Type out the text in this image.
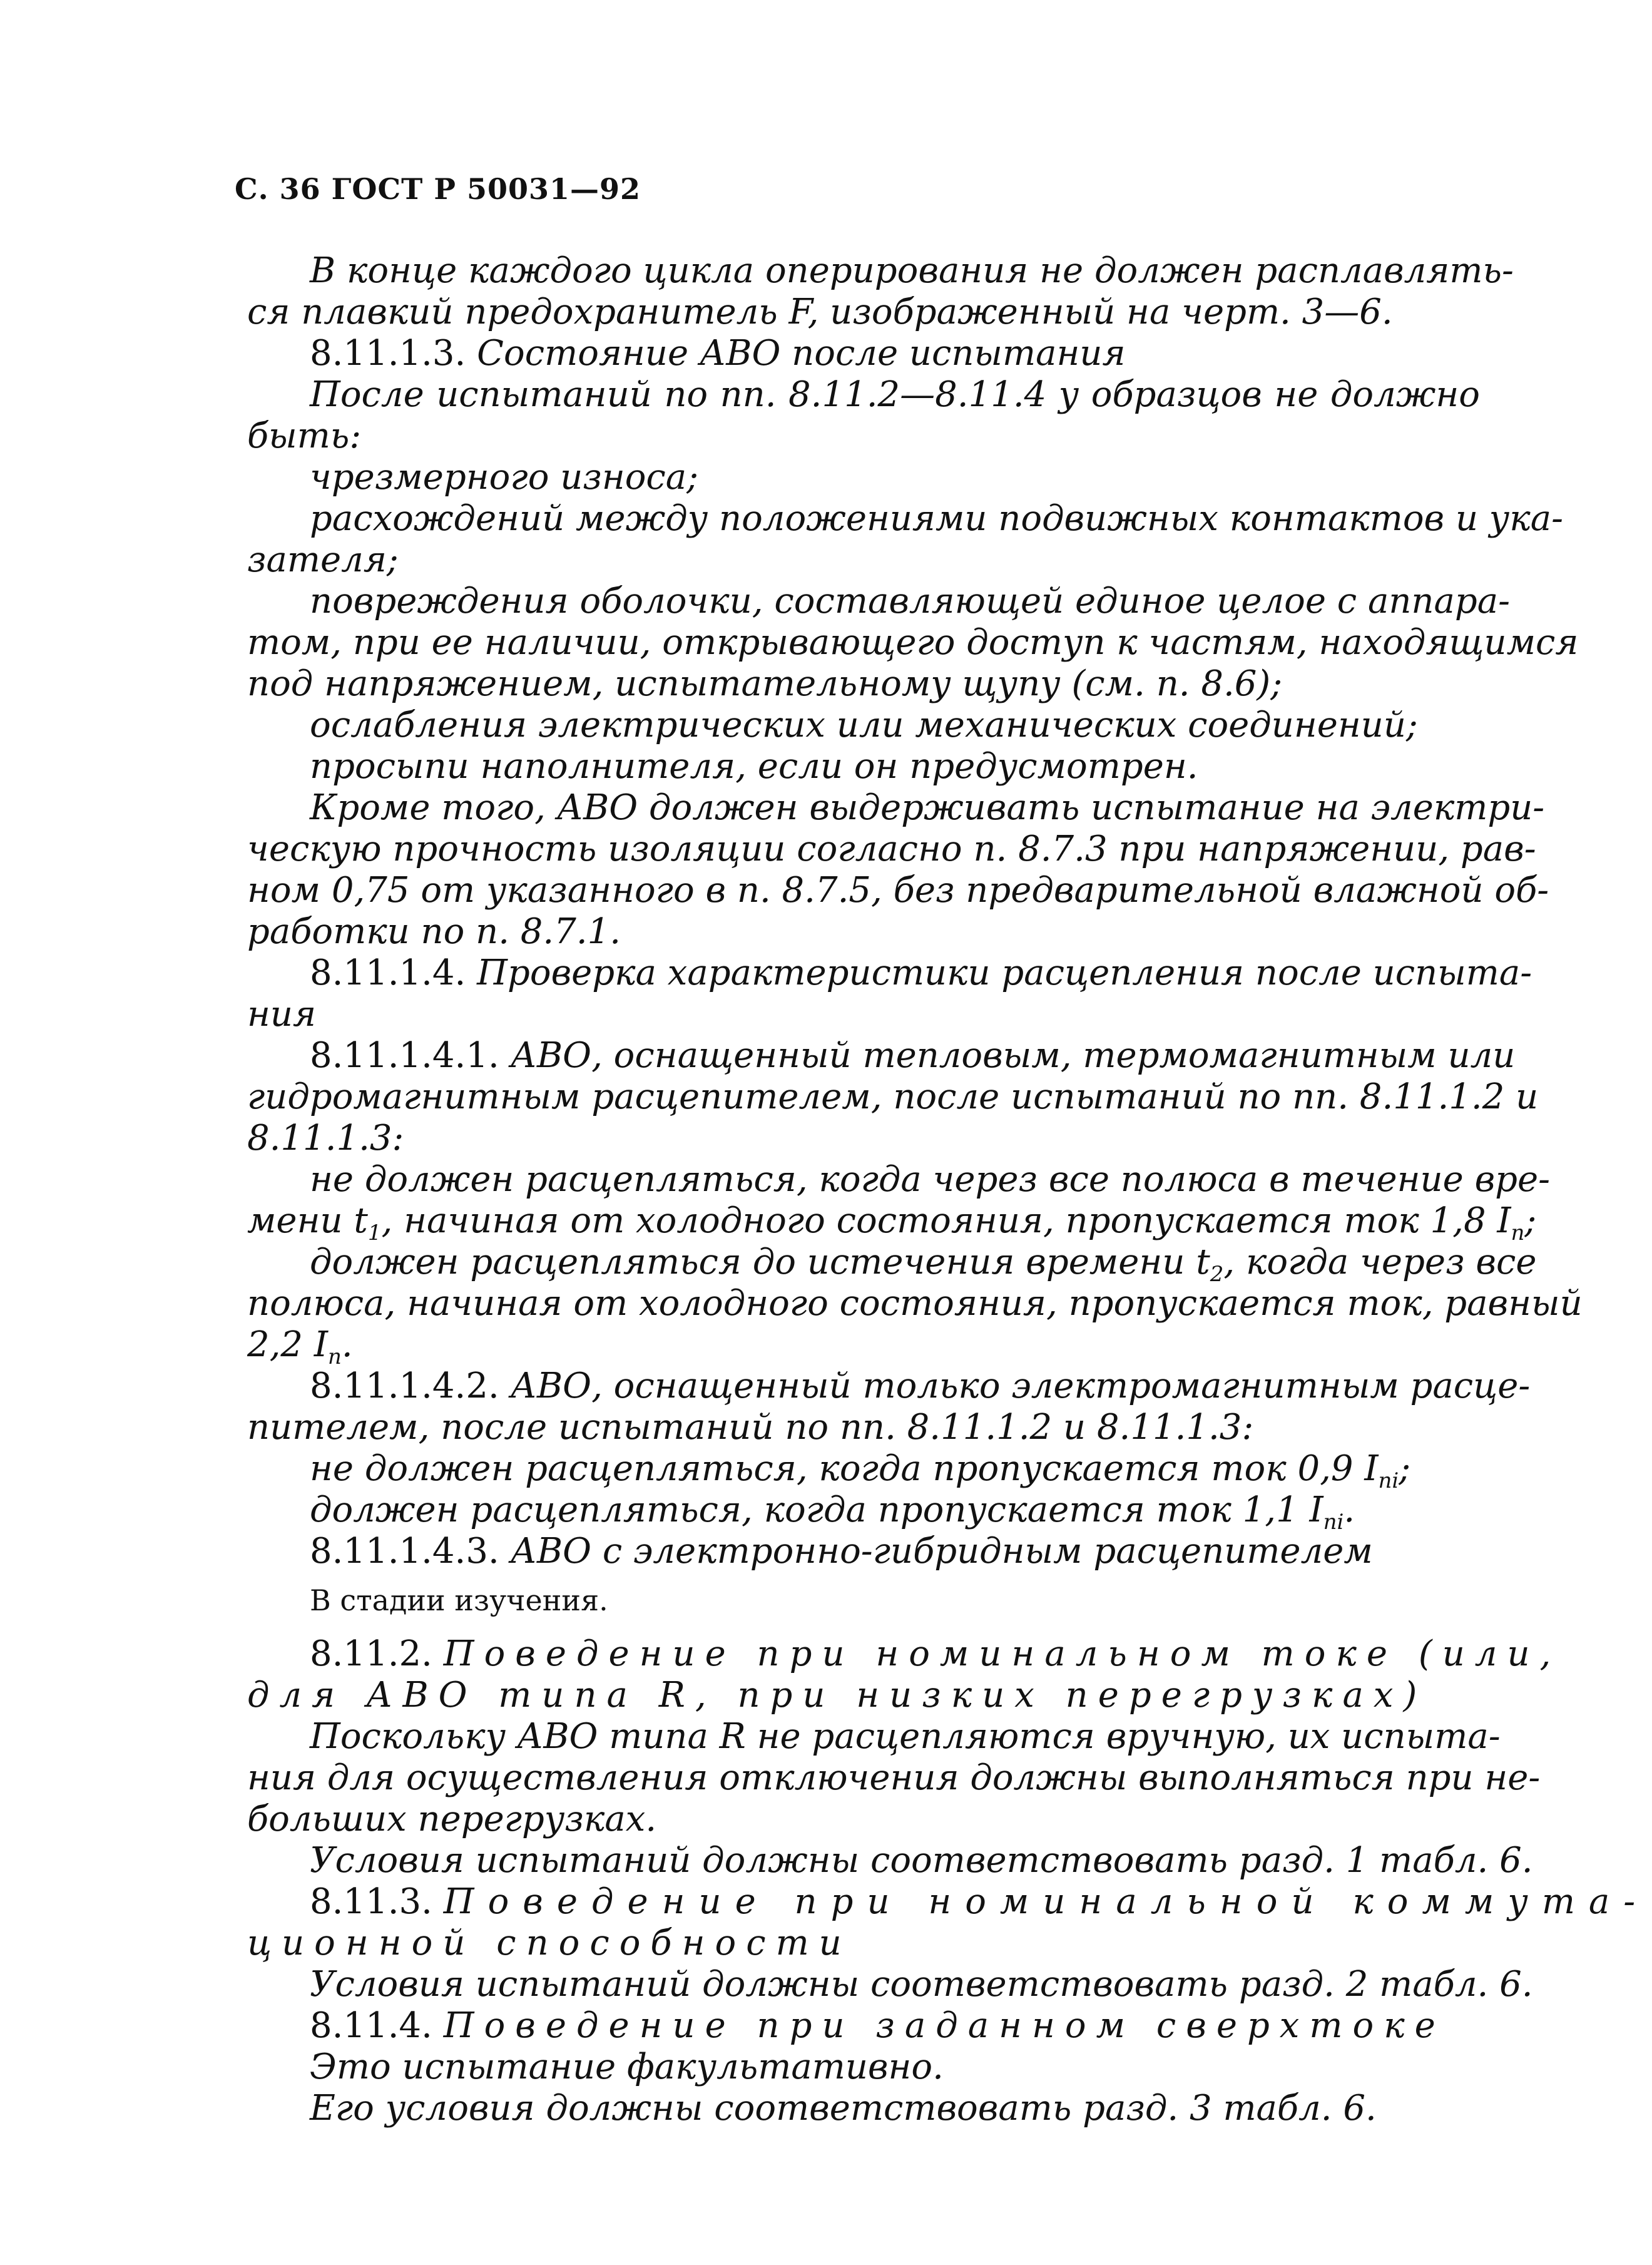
С. 36 ГОСТ Р 50031—92
В конце каждого цикла оперирования не должен расплавлять-
ся плавкий предохранитель F, изображенный на черт. 3—6.
8.11.1.3. Состояние АВО после испытания
После испытаний по пп. 8.11.2—8.11.4 у образцов не должно
быть:
чрезмерного износа;
расхождений между положениями подвижных контактов и ука-
зателя;
повреждения оболочки, составляющей единое целое с аппара-
том, при ее наличии, открывающего доступ к частям, находящимся
под напряжением, испытательному щупу (см. п. 8.6);
ослабления электрических или механических соединений;
просыпи наполнителя, если он предусмотрен.
Кроме того, АВО должен выдерживать испытание на электри-
ческую прочность изоляции согласно п. 8.7.3 при напряжении, рав-
ном 0,75 от указанного в п. 8.7.5, без предварительной влажной об-
работки по п. 8.7.1.
8.11.1.4. Проверка характеристики расцепления после испыта-
ния
8.11.1.4.1. АВО, оснащенный тепловым, термомагнитным или
гидромагнитным расцепителем, после испытаний по пп. 8.11.1.2 и
8.11.1.3:
не должен расцепляться, когда через все полюса в течение вре-
мени $t_1$, начиная от холодного состояния, пропускается ток 1,8 $I_n$;
должен расцепляться до истечения времени $t_2$, когда через все
полюса, начиная от холодного состояния, пропускается ток, равный
2,2 $I_n$.
8.11.1.4.2. АВО, оснащенный только электромагнитным расце-
пителем, после испытаний по пп. 8.11.1.2 и 8.11.1.3:
не должен расцепляться, когда пропускается ток 0,9 $I_{ni}$;
должен расцепляться, когда пропускается ток 1,1 $I_{ni}$.
8.11.1.4.3. АВО с электронно-гибридным расцепителем
В стадии изучения.
8.11.2. Поведение при номинальном токе (или,
для АВО типа R, при низких перегрузках)
Поскольку АВО типа R не расцепляются вручную, их испыта-
ния для осуществления отключения должны выполняться при не-
больших перегрузках.
Условия испытаний должны соответствовать разд. 1 табл. 6.
8.11.3. Поведение при номинальной коммута-
ционной способности
Условия испытаний должны соответствовать разд. 2 табл. 6.
8.11.4. Поведение при заданном сверхтоке
Это испытание факультативно.
Его условия должны соответствовать разд. 3 табл. 6.
